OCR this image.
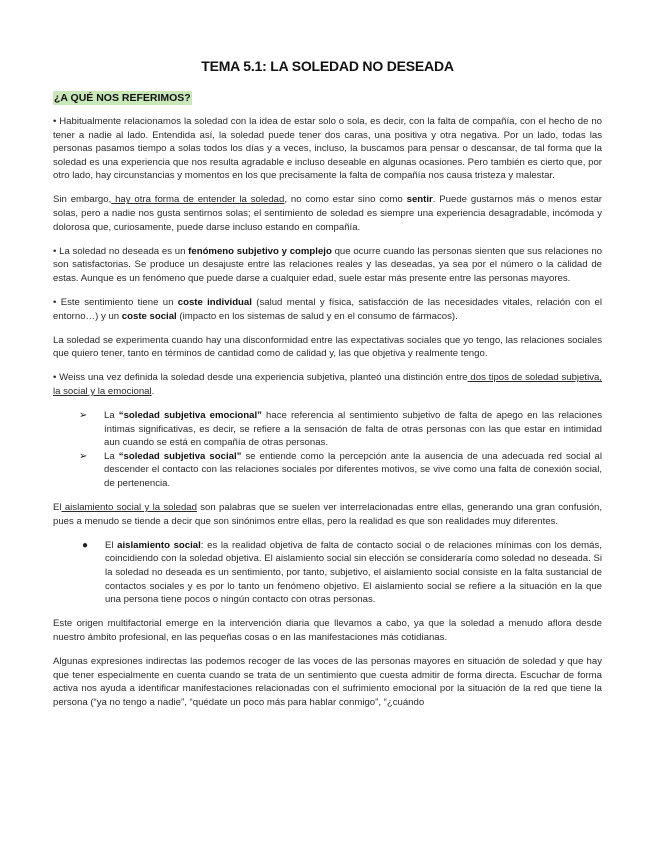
TEMA 5.1: LA SOLEDAD NO DESEADA
¿A QUÉ NOS REFERIMOS?

• Habitualmente relacionamos la soledad con la idea de estar solo o sola, es decir, con la falta de compañía, con el hecho de no tener a nadie al lado. Entendida así, la soledad puede tener dos caras, una positiva y otra negativa. Por un lado, todas las personas pasamos tiempo a solas todos los días y a veces, incluso, la buscamos para pensar o descansar, de tal forma que la soledad es una experiencia que nos resulta agradable e incluso deseable en algunas ocasiones. Pero también es cierto que, por otro lado, hay circunstancias y momentos en los que precisamente la falta de compañía nos causa tristeza y malestar.

Sin embargo, hay otra forma de entender la soledad, no como estar sino como sentir. Puede gustarnos más o menos estar solas, pero a nadie nos gusta sentirnos solas; el sentimiento de soledad es siempre una experiencia desagradable, incómoda y dolorosa que, curiosamente, puede darse incluso estando en compañía.

• La soledad no deseada es un fenómeno subjetivo y complejo que ocurre cuando las personas sienten que sus relaciones no son satisfactorias. Se produce un desajuste entre las relaciones reales y las deseadas, ya sea por el número o la calidad de estas. Aunque es un fenómeno que puede darse a cualquier edad, suele estar más presente entre las personas mayores.

• Este sentimiento tiene un coste individual (salud mental y física, satisfacción de las necesidades vitales, relación con el entorno…) y un coste social (impacto en los sistemas de salud y en el consumo de fármacos).

La soledad se experimenta cuando hay una disconformidad entre las expectativas sociales que yo tengo, las relaciones sociales que quiero tener, tanto en términos de cantidad como de calidad y, las que objetiva y realmente tengo.

• Weiss una vez definida la soledad desde una experiencia subjetiva, planteó una distinción entre dos tipos de soledad subjetiva, la social y la emocional.

➢ La “soledad subjetiva emocional” hace referencia al sentimiento subjetivo de falta de apego en las relaciones íntimas significativas, es decir, se refiere a la sensación de falta de otras personas con las que estar en intimidad aun cuando se está en compañía de otras personas.
➢ La “soledad subjetiva social” se entiende como la percepción ante la ausencia de una adecuada red social al descender el contacto con las relaciones sociales por diferentes motivos, se vive como una falta de conexión social, de pertenencia.

El aislamiento social y la soledad son palabras que se suelen ver interrelacionadas entre ellas, generando una gran confusión, pues a menudo se tiende a decir que son sinónimos entre ellas, pero la realidad es que son realidades muy diferentes.

● El aislamiento social: es la realidad objetiva de falta de contacto social o de relaciones mínimas con los demás, coincidiendo con la soledad objetiva. El aislamiento social sin elección se consideraría como soledad no deseada. Si la soledad no deseada es un sentimiento, por tanto, subjetivo, el aislamiento social consiste en la falta sustancial de contactos sociales y es por lo tanto un fenómeno objetivo. El aislamiento social se refiere a la situación en la que una persona tiene pocos o ningún contacto con otras personas.

Este origen multifactorial emerge en la intervención diaria que llevamos a cabo, ya que la soledad a menudo aflora desde nuestro ámbito profesional, en las pequeñas cosas o en las manifestaciones más cotidianas.

Algunas expresiones indirectas las podemos recoger de las voces de las personas mayores en situación de soledad y que hay que tener especialmente en cuenta cuando se trata de un sentimiento que cuesta admitir de forma directa. Escuchar de forma activa nos ayuda a identificar manifestaciones relacionadas con el sufrimiento emocional por la situación de la red que tiene la persona (“ya no tengo a nadie”, “quédate un poco más para hablar conmigo”, “¿cuándo
